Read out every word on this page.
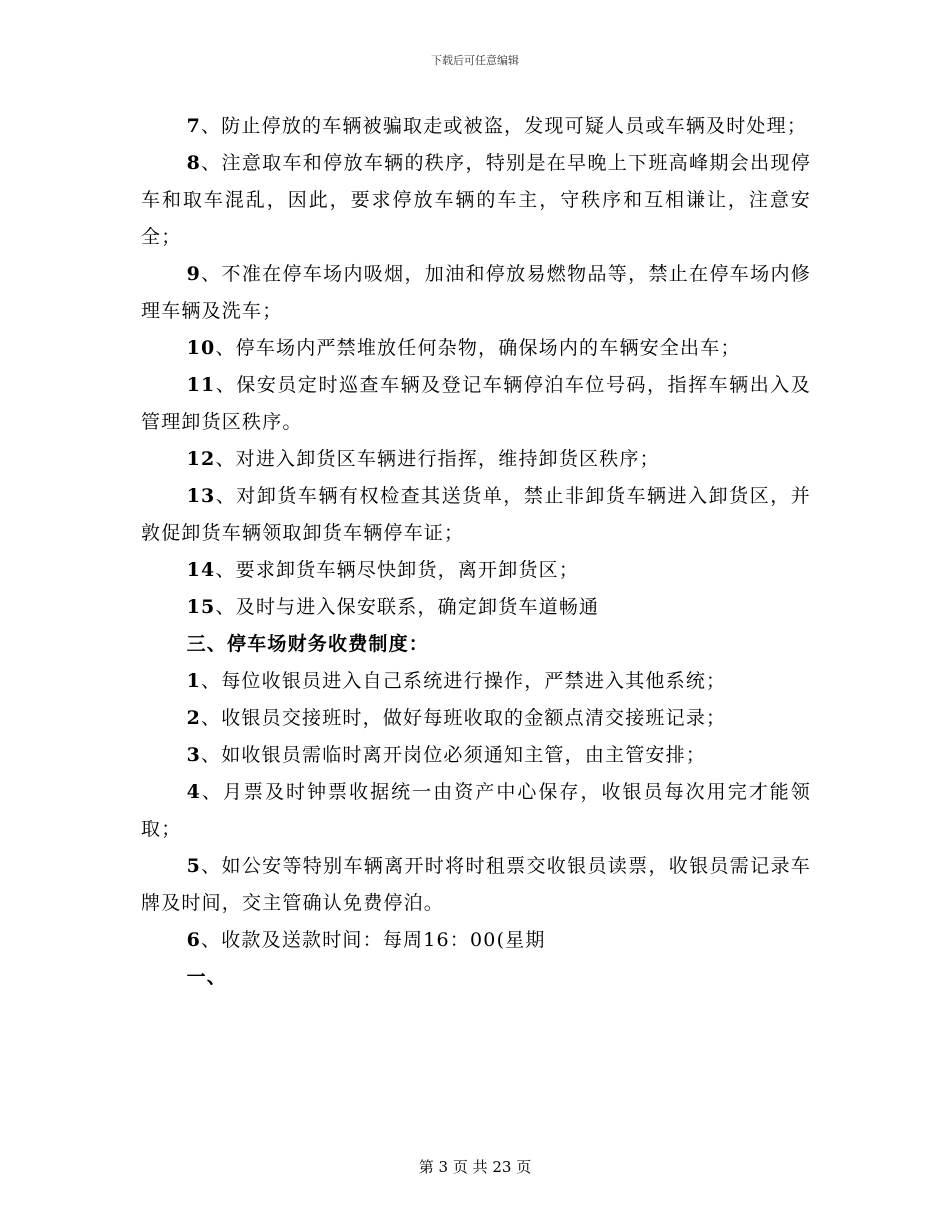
下载后可任意编辑

7、防止停放的车辆被骗取走或被盗，发现可疑人员或车辆及时处理；

8、注意取车和停放车辆的秩序，特别是在早晚上下班高峰期会出现停车和取车混乱，因此，要求停放车辆的车主，守秩序和互相谦让，注意安全；

9、不准在停车场内吸烟，加油和停放易燃物品等，禁止在停车场内修理车辆及洗车；

10、停车场内严禁堆放任何杂物，确保场内的车辆安全出车；

11、保安员定时巡查车辆及登记车辆停泊车位号码，指挥车辆出入及管理卸货区秩序。

12、对进入卸货区车辆进行指挥，维持卸货区秩序；

13、对卸货车辆有权检查其送货单，禁止非卸货车辆进入卸货区，并敦促卸货车辆领取卸货车辆停车证；

14、要求卸货车辆尽快卸货，离开卸货区；

15、及时与进入保安联系，确定卸货车道畅通

三、停车场财务收费制度：

1、每位收银员进入自己系统进行操作，严禁进入其他系统；

2、收银员交接班时，做好每班收取的金额点清交接班记录；

3、如收银员需临时离开岗位必须通知主管，由主管安排；

4、月票及时钟票收据统一由资产中心保存，收银员每次用完才能领取；

5、如公安等特别车辆离开时将时租票交收银员读票，收银员需记录车牌及时间，交主管确认免费停泊。

6、收款及送款时间：每周16：00(星期

一、

第 3 页 共 23 页
